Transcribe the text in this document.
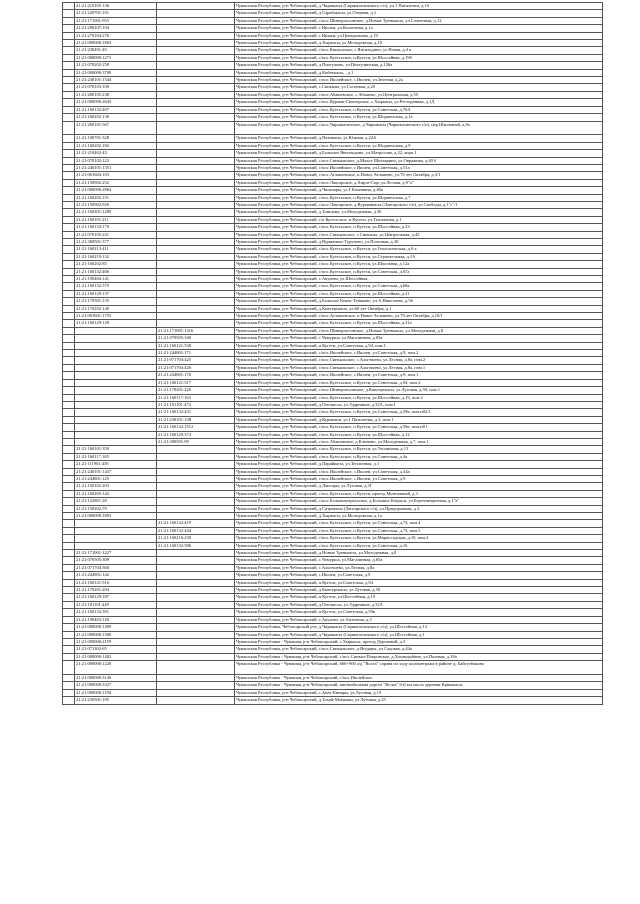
	21:21:210105:136		Чувашская Республика, р-н Чебоксарский, д.Чиршкасы (Сирмапосинского с/п), ул.1 Пятилетки, д.10
	21:21:220701:101		Чувашская Республика, р-н Чебоксарский, д.Сарабакасы, ул.Озерная, д.1
	21:21:171001:953		Чувашская Республика, р-н Чебоксарский, с/пос.Шинерпосинское, д.Новые Тренькасы, ул.Солнечная, д.12
	21:21:290107:104		Чувашская Республика, р-н Чебоксарский, с.Ишлеи, ул.Колхозная, д.1а
	21:21:270104:276		Чувашская Республика, р-н Чебоксарский, с.Ишаки, ул.Центральная, д.19
	21:21:000000:1804		Чувашская Республика, р-н Чебоксарский, д.Хыркасы, ул.Молодежная, д.10
	21:21:230401:45		Чувашская Республика, р-н Чебоксарский, с/пос.Кшаушское, с.Янгильдино, ул.Новая, д.4 в
	21:21:000000:1273		Чувашская Республика, р-н Чебоксарский, с/пос.Кугесьское, п.Кугеси, ул.Шоссейная, д.19б
	21:21:070202:258		Чувашская Республика, р-н Чебоксарский, д.Пихтулино, ул.Пихтулинская, д.126а
	21:21:000000:3708		Чувашская Республика, р-н Чебоксарский, д.Кибеккасы, , д.1
	21:21:240101:1544		Чувашская Республика, р-н Чебоксарский, с/пос Ишлейское, с.Ишлеи, ул.Зеленая, д.2а
	21:21:070103:109		Чувашская Республика, р-н Чебоксарский, с.Синьялы, ул.Сосновая, д.20
	21:21:200105:238		Чувашская Республика, р-н Чебоксарский, с/пос.Абашевское, с.Абашево, ул.Центральная, д.55
	21:21:000000:2645		Чувашская Республика, р-н Чебоксарский, с/пос.Вурман-Сюктерское, с.Хыркасы, ул.Ресторанная, д.1Д
	21:21:160132:407		Чувашская Республика, р-н Чебоксарский, с/пос.Кугесьское, п.Кугеси, ул.Советская, д.76А
	21:21:160202:136		Чувашская Республика, р-н Чебоксарский, с/пос.Кугесьское, п.Кугеси, ул.Шоршелская, д.1а
	21:21:260101:567		Чувашская Республика, р-н Чебоксарский, с/пос.Чиршкасинское, д.Чиршкасы (Чиршкасинского с/п), пер.Школьный, д.9а
	21:21:100701:328		Чувашская Республика, р-н Чебоксарский, д.Пятикасы, ул.Южная, д.22А
	21:21:160202:182		Чувашская Республика, р-н Чебоксарский, с/пос.Кугесьское, п.Кугеси, ул.Шоршелская, д.9
	21:21:210402:43		Чувашская Республика, р-н Чебоксарский, д.Большое Янгильдино, ул.Матросова, д.22, корп.1
	21:21:070102:123		Чувашская Республика, р-н Чебоксарский, с/пос.Синьяльское, д.Малое Шигаарино, ул.Овражная, д.40 б
	21:21:240101:1351		Чувашская Республика, р-н Чебоксарский, с/пос.Ишлейское, с.Ишлеи, ул.Советская, д.51а
	21:21:061604:103		Чувашская Республика, р-н Чебоксарский, с/пос.Атлашевское, п.Новое Атлашево, ул.70 лет Октября, д.3/1
	21:21:150902:252		Чувашская Республика, р-н Чебоксарский, с/пос.Лапсарское, д.Хирле-Сир, ул.Лесная, д.9"а"
	21:21:000000:2864		Чувашская Республика, р-н Чебоксарский, д.Чиганары, ул.Г.Калинина, д.40а
	21:21:160202:151		Чувашская Республика, р-н Чебоксарский, с/пос.Кугесьское, п.Кугеси, ул.Шоршелская, д.7
	21:21:150902:920		Чувашская Республика, р-н Чебоксарский, с/пос.Лапсарское, д.Вурманкасы (Лапсарского с/п), ул.Свободы, д.1"г"/1
	21:21:160201:1280		Чувашская Республика, р-н Чебоксарский, д.Тоншово, ул.Молодежная, д.30
	21:21:160101:211		Чувашская Республика, р-н Чебоксарский, с/п Кугесьское, п.Кугеси, ул.Тепличная, д.1
	21:21:160133:170		Чувашская Республика, р-н Чебоксарский, с/пос.Кугесьское, п.Кугеси, ул.Шоссейная, д.23
	21:21:070105:221		Чувашская Республика, р-н Чебоксарский, с/пос.Синьяльское, с.Синьялы, ул.Центральная, д.43
	21:21:300501:377		Чувашская Республика, р-н Чебоксарский, д.Вурманкас-Туруново, ул.Почтовая, д.30
	21:21:160213:411		Чувашская Республика, р-н Чебоксарский, с/пос.Кугесьское, п.Кугеси, ул.Геологическая, д.6 а
	21:21:160219:132		Чувашская Республика, р-н Чебоксарский, с/пос.Кугесьское, п.Кугеси, ул.Строительная, д.1А
	21:21:160202:85		Чувашская Республика, р-н Чебоксарский, с/пос.Кугесьское, п.Кугеси, ул.Школьная, д.12а
	21:21:160132:406		Чувашская Республика, р-н Чебоксарский, с/пос.Кугесьское, п.Кугеси, ул.Советская, д.67а
	21:21:190404:141		Чувашская Республика, р-н Чебоксарский, с.Акулево, ул.Шоссейная,
	21:21:160132:379		Чувашская Республика, р-н Чебоксарский, с/пос.Кугесьское, п.Кугеси, ул.Советская, д.60а
	21:21:160129:137		Чувашская Республика, р-н Чебоксарский, с/пос.Кугесьское, п.Кугеси, ул.Шоссейная, д.21
	21:21:170501:135		Чувашская Республика, р-н Чебоксарский, д.Большое Князь-Теняково, ул.А.Николаева, д.56
	21:21:170202:140		Чувашская Республика, р-н Чебоксарский, д.Кивсерткасы, ул.60 лет Октября, д.1
	21:21:061601:1755		Чувашская Республика, р-н Чебоксарский, с/пос.Атлашевское, п.Новое Атлашево, ул.70 лет Октября, д.10/1
	21:21:160129:128		Чувашская Республика, р-н Чебоксарский, с/пос.Кугесьское, п.Кугеси, ул.Шоссейная, д.21а
		21:21:171001:1416	Чувашская Республика, р-н Чебоксарский, с/пос.Шинерпосинское, д.Новые Тренькасы, ул.Молодежная, д.8
		21:21:070505:346	Чувашская Республика, р-н Чебоксарский, с.Чемурша, ул.Магазинная, д.65а
		21:21:160121:538	Чувашская Республика, р-н Чебоксарский, п.Кугеси, ул.Советская, д.94, пом.1
		21:21:244801:171	Чувашская Республика, р-н Чебоксарский, с/пос.Ишлейское, с.Ишлеи, ул.Советская, д.9, пом.2
		21:21:071704:425	Чувашская Республика, р-н Чебоксарский, с/пос.Синьяльское, с.Альгешево, ул.Лесная, д.8а, пом.2
		21:21:071704:426	Чувашская Республика, р-н Чебоксарский, с/пос.Синьяльское, с.Альгешево, ул.Лесная, д.8а, пом.1
		21:21:244801:170	Чувашская Республика, р-н Чебоксарский, с/пос.Ишлейское, с.Ишлеи, ул.Советская, д.9, пом.1
		21:21:160121:517	Чувашская Республика, р-н Чебоксарский, с/пос.Кугесьское, п.Кугеси, ул.Советская, д.94, пом.2
		21:21:170201:226	Чувашская Республика, р-н Чебоксарский, с/пос.Шинерпосинское, д.Кивсерткасы, ул.Луговая, д.50, пом.1
		21:21:160117:163	Чувашская Республика, р-н Чебоксарский, с/пос.Кугесьское, п.Кугеси, ул.Шоссейная, д.19, пом.2
		21:21:101101:474	Чувашская Республика, р-н Чебоксарский, д.Оитапосы, ул.Ударников, д.32А, пом.1
		21:21:160132:431	Чувашская Республика, р-н Чебоксарский, с/пос.Кугесьское, п.Кугеси, ул.Советская, д.59в, пом.н02/1
		21:21:230101:138	Чувашская Республика, р-н Чебоксарский, д.Курмыши, ул.1 Пятилетки, д.3, пом.1
		21:21:160132:1512	Чувашская Республика, р-н Чебоксарский, с/пос.Кугесьское, п.Кугеси, ул.Советская, д.59в, пом.н01
		21:21:160129:374	Чувашская Республика, р-н Чебоксарский, с/пос.Кугесьское, п.Кугеси, ул.Шоссейная, д.12
		21:21:200501:99	Чувашская Республика, р-н Чебоксарский, с/пос.Абашевское, д.Клычево, ул.Молодежная, д.7, пом.1
	21:21:160101:350		Чувашская Республика, р-н Чебоксарский, с/пос.Кугесьское, п.Кугеси, ул.Тепличная, д.13
	21:21:160117:165		Чувашская Республика, р-н Чебоксарский, с/пос.Кугесьское, п.Кугеси, ул.Советская, д.4а
	21:21:111901:436		Чувашская Республика, р-н Чебоксарский, д.Парайкасы, ул.Тепличная, д.1
	21:21:240101:1437		Чувашская Республика, р-н Чебоксарский, с/пос.Ишлейское, с.Ишлеи, ул.Советская, д.44а
	21:21:244801:125		Чувашская Республика, р-н Чебоксарский, с/пос.Ишлейское, с.Ишлеи, ул.Советская, д.9
	21:21:150102:203		Чувашская Республика, р-н Чебоксарский, д.Лапсары, ул.Луговая, д.5Г
	21:21:160205:142		Чувашская Республика, р-н Чебоксарский, с/пос.Кугесьское, п.Кугеси, проезд Монтажный, д.3
	21:21:122801:28		Чувашская Республика, р-н Чебоксарский, с/пос.Большекатрасьское, д.Большие Катраси, ул.Березовецкоевая, д.1"а"
	21:21:150202:79		Чувашская Республика, р-н Чебоксарский, д.Сятракасы (Лапсарского с/п), ул.Придорожная, д.3
	21:21:000000:1803		Чувашская Республика, р-н Чебоксарский, д.Хыркасы, ул.Молодежная, д.1а
		21:21:160132:419	Чувашская Республика, р-н Чебоксарский, с/пос.Кугесьское, п.Кугеси, ул.Советская, д.74, пом.4
		21:21:160132:444	Чувашская Республика, р-н Чебоксарский, с/пос.Кугесьское, п.Кугеси, ул.Советская, д.74, пом.5
		21:21:160216:230	Чувашская Республика, р-н Чебоксарский, с/пос.Кугесьское, п.Кугеси, ул.Марпосадская, д.10, пом.2
		21:21:160132:396	Чувашская Республика, р-н Чебоксарский, с/пос.Кугесьское, п.Кугеси, ул.Советская, д.16
	21:21:171001:1227		Чувашская Республика, р-н Чебоксарский, д.Новые Тренькасы, ул.Молодежная, д.8
	21:21:070505:309		Чувашская Республика, р-н Чебоксарский, с.Чемурша, ул.Магазинная, д.65а
	21:21:071704:360		Чувашская Республика, р-н Чебоксарский, с.Альгешево, ул.Лесная, д.8а
	21:21:244801:142		Чувашская Республика, р-н Чебоксарский, с.Ишлеи, ул.Советская, д.9
	21:21:160121:516		Чувашская Республика, р-н Чебоксарский, п.Кугеси, ул.Советская, д.94
	21:21:170201:204		Чувашская Республика, р-н Чебоксарский, д.Кивсерткасы, ул.Луговая, д.50
	21:21:160129:187		Чувашская Республика, р-н Чебоксарский, п.Кугеси, ул.Шоссейная, д.19
	21:21:101101:449		Чувашская Республика, р-н Чебоксарский, д.Оитапосы, ул.Ударников, д.32А
	21:21:160132:391		Чувашская Республика, р-н Чебоксарский, п.Кугеси, ул.Советская, д.59в
	21:21:190403:120		Чувашская Республика, р-н Чебоксарский, с.Акулево, ул.Аптечная, д.5
	21:21:000000:1499		Чувашская Республика, Чебоксарский р-н, д.Чиршкасы (Сирмапосинского с/п), ул.Шоссейная, д.13
	21:21:000000:1500		Чувашская Республика, р-н Чебоксарский, д.Чиршкасы (Сирмапосинского с/п), ул.Шоссейная, д.1
	21:21:000000:2159		Чувашская Республика - Чувашия, р-н Чебоксарский, с.Хыркасы, проезд Дорожный, д.3
	21:21:071302:65		Чувашская Республика, р-н Чебоксарский, с/пос.Синьяльское, д.Ягудары, ул.Садовая, д.44а
	21:21:000000:1482		Чувашская Республика - Чувашия, р-н Чебоксарский, с/пос.Синьял-Покровское, д.Хохандыбино, ул.Полевая, д.18а
	21:21:000000:1220		Чувашская Республика - Чувашия, р-н Чебоксарский, 666+900 а/д "Волга" справа по ходу километража в районе д. Байгулбакино
	21:21:000000:3146		Чувашская Республика - Чувашия, р-н Чебоксарский, с/пос.Ишлейское
	21:21:000000:3327		Чувашская Республика - Чувашия, р-н Чебоксарский, автомобильная дорога "Волга" 6-й км около деревни Крикакасы
	21:21:000000:1194		Чувашская Республика, р-н Чебоксарский, с.Анат-Киняры, ул.Луговая, д.19
	21:21:250501:195		Чувашская Республика, р-н Чебоксарский, д.Тохой-Мамыши, ул.Луговая, д.25
